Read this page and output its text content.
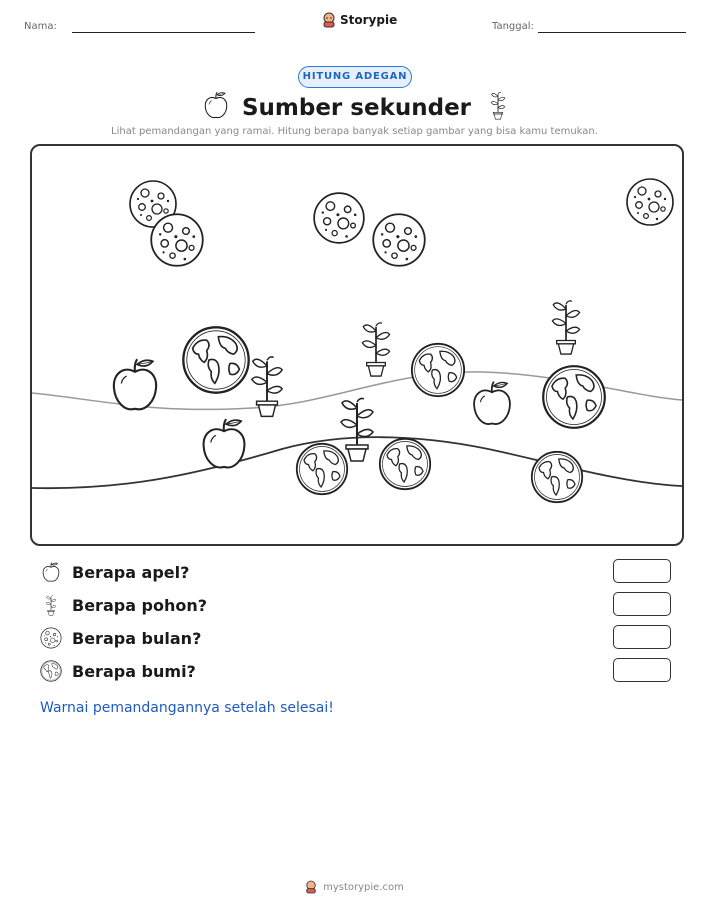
Nama:	Storypie	Tanggal:
HITUNG ADEGAN
Sumber sekunder
Lihat pemandangan yang ramai. Hitung berapa banyak setiap gambar yang bisa kamu temukan.
Berapa apel?
Berapa pohon?
Berapa bulan?
Berapa bumi?
Warnai pemandangannya setelah selesai!
mystorypie.com
